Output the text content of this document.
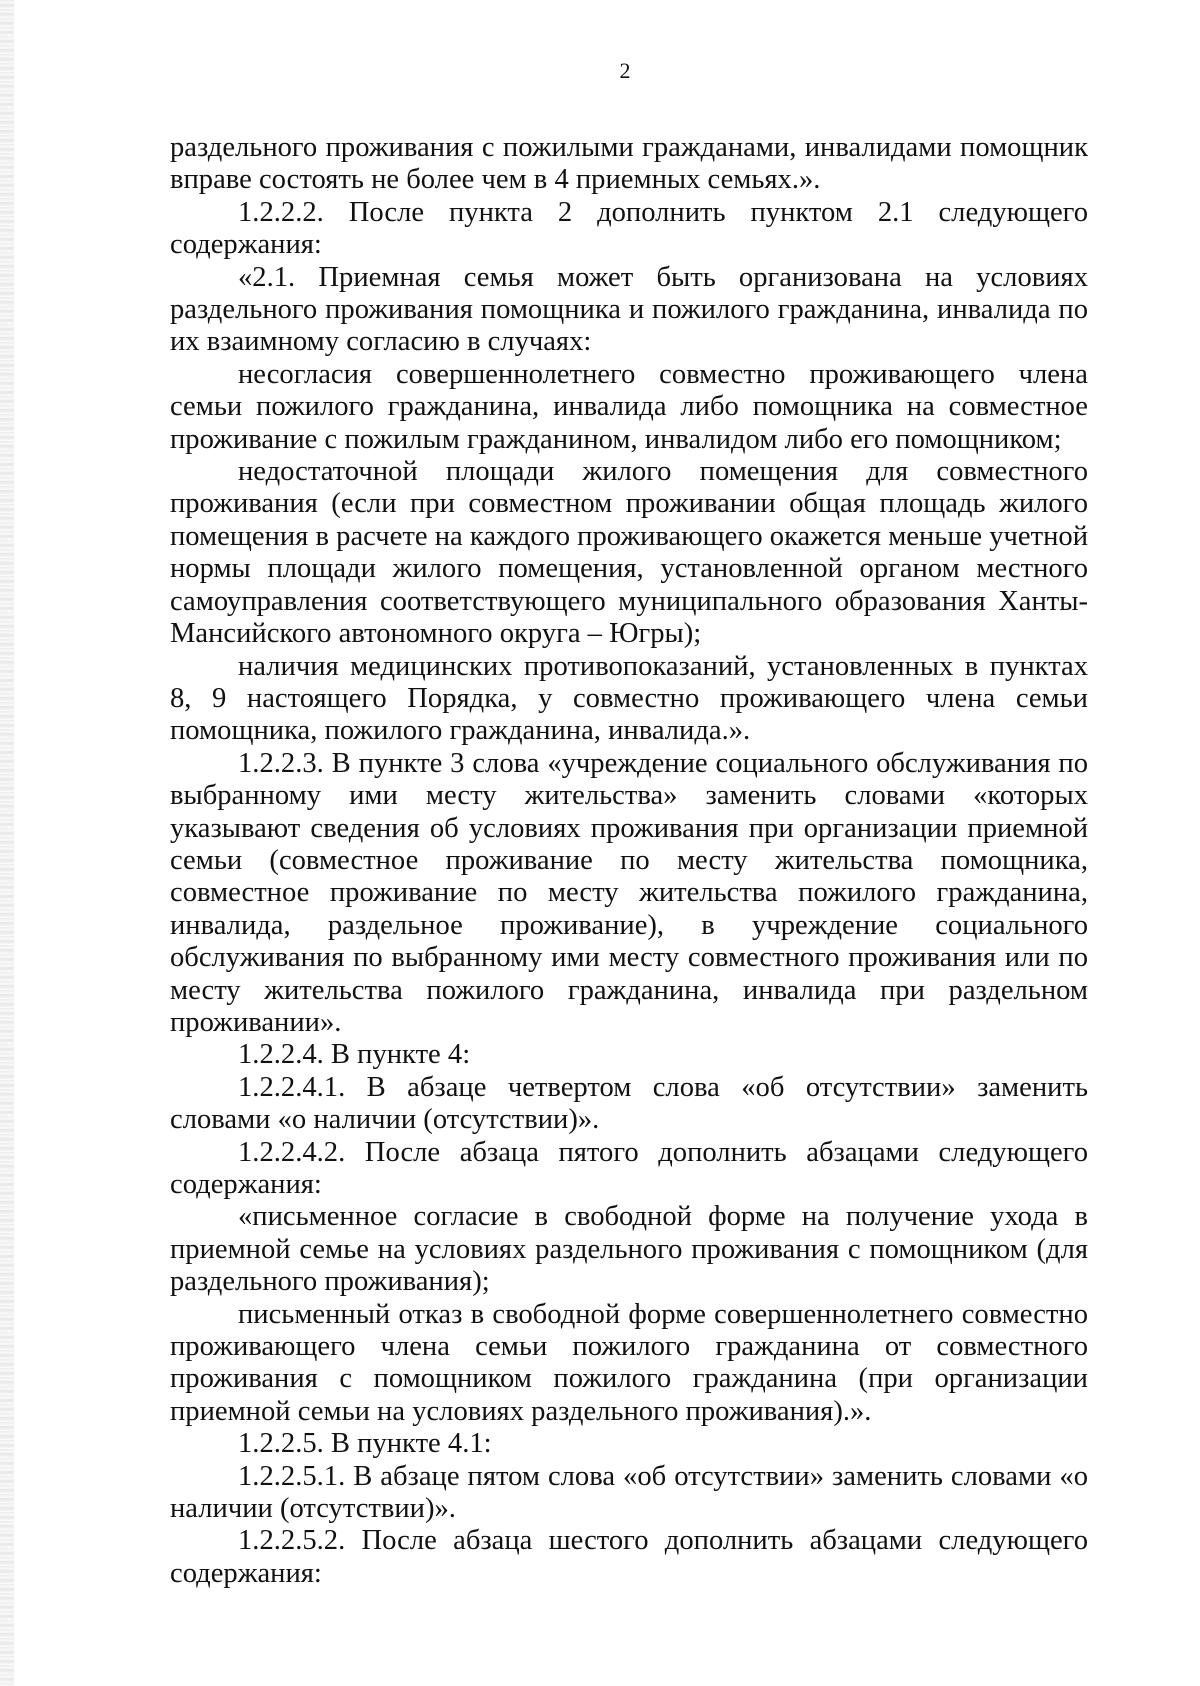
2

раздельного проживания с пожилыми гражданами, инвалидами помощник вправе состоять не более чем в 4 приемных семьях.».

1.2.2.2. После пункта 2 дополнить пунктом 2.1 следующего содержания:

«2.1. Приемная семья может быть организована на условиях раздельного проживания помощника и пожилого гражданина, инвалида по их взаимному согласию в случаях:

несогласия совершеннолетнего совместно проживающего члена семьи пожилого гражданина, инвалида либо помощника на совместное проживание с пожилым гражданином, инвалидом либо его помощником;

недостаточной площади жилого помещения для совместного проживания (если при совместном проживании общая площадь жилого помещения в расчете на каждого проживающего окажется меньше учетной нормы площади жилого помещения, установленной органом местного самоуправления соответствующего муниципального образования Ханты-Мансийского автономного округа – Югры);

наличия медицинских противопоказаний, установленных в пунктах 8, 9 настоящего Порядка, у совместно проживающего члена семьи помощника, пожилого гражданина, инвалида.».

1.2.2.3. В пункте 3 слова «учреждение социального обслуживания по выбранному ими месту жительства» заменить словами «которых указывают сведения об условиях проживания при организации приемной семьи (совместное проживание по месту жительства помощника, совместное проживание по месту жительства пожилого гражданина, инвалида, раздельное проживание), в учреждение социального обслуживания по выбранному ими месту совместного проживания или по месту жительства пожилого гражданина, инвалида при раздельном проживании».

1.2.2.4. В пункте 4:

1.2.2.4.1. В абзаце четвертом слова «об отсутствии» заменить словами «о наличии (отсутствии)».

1.2.2.4.2. После абзаца пятого дополнить абзацами следующего содержания:

«письменное согласие в свободной форме на получение ухода в приемной семье на условиях раздельного проживания с помощником (для раздельного проживания);

письменный отказ в свободной форме совершеннолетнего совместно проживающего члена семьи пожилого гражданина от совместного проживания с помощником пожилого гражданина (при организации приемной семьи на условиях раздельного проживания).».

1.2.2.5. В пункте 4.1:

1.2.2.5.1. В абзаце пятом слова «об отсутствии» заменить словами «о наличии (отсутствии)».

1.2.2.5.2. После абзаца шестого дополнить абзацами следующего содержания:
